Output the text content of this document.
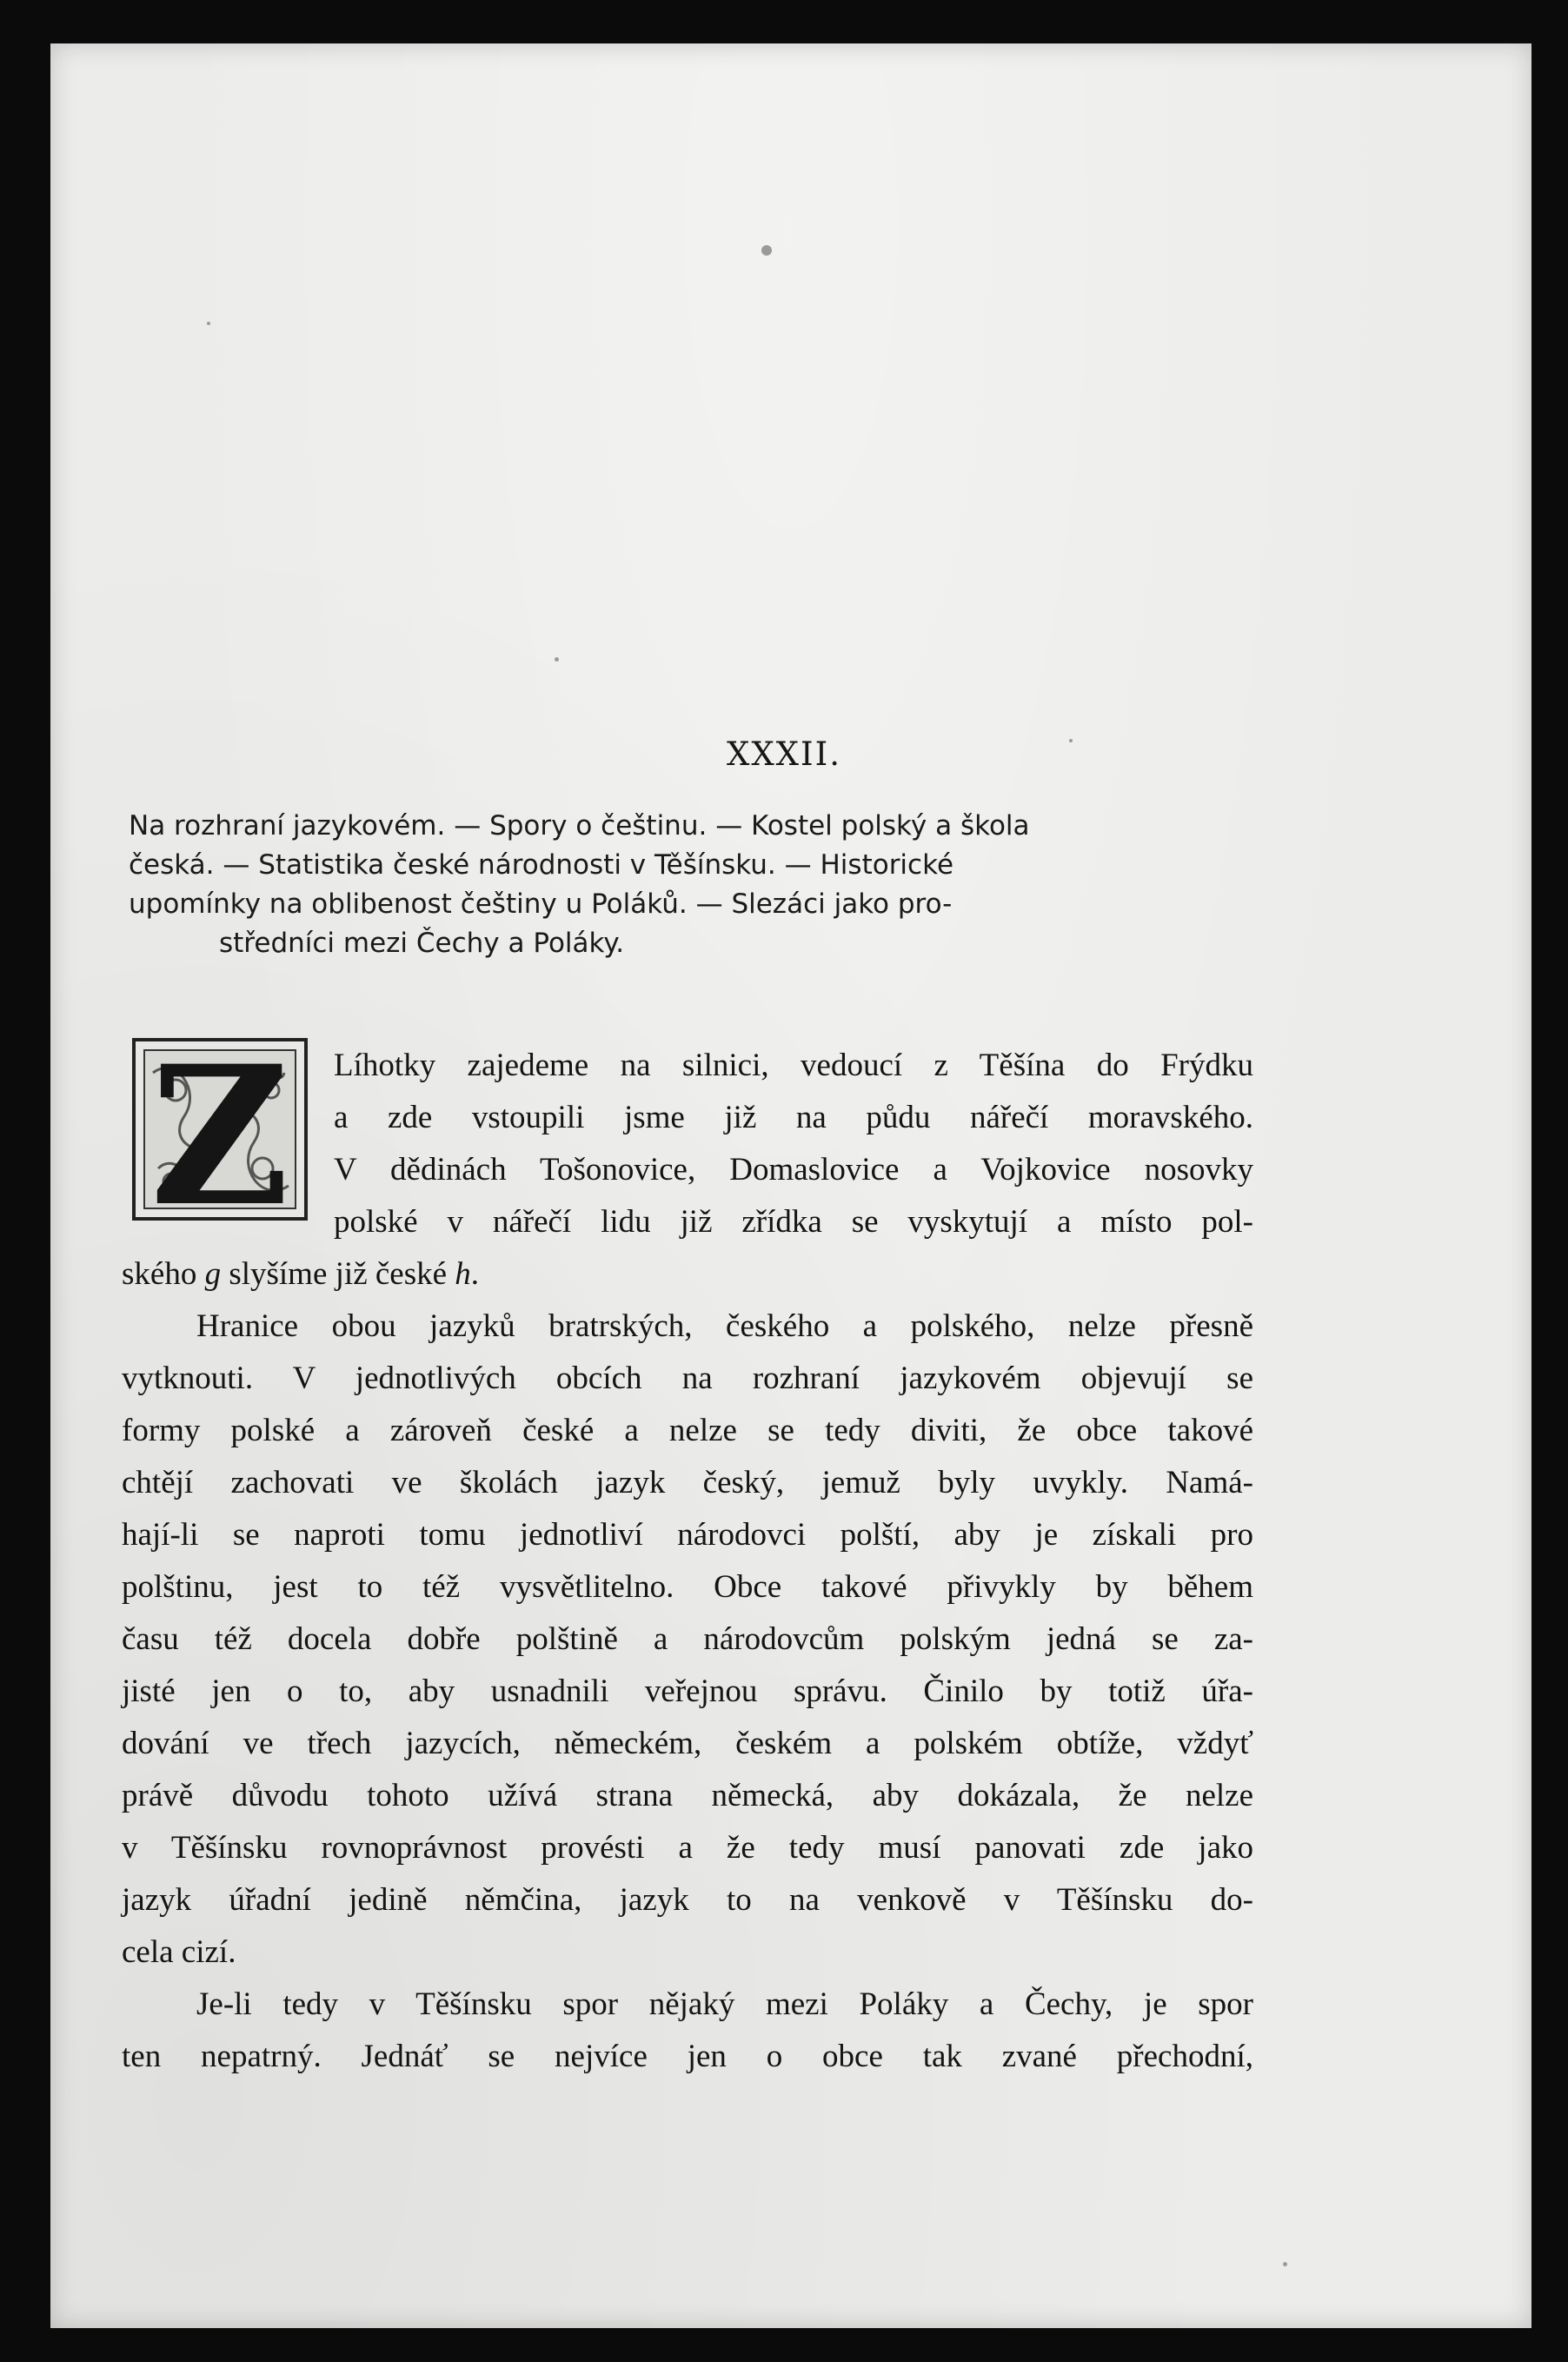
XXXII.
Na rozhraní jazykovém. — Spory o češtinu. — Kostel polský a škola
česká. — Statistika české národnosti v Těšínsku. — Historické
upomínky na oblibenost češtiny u Poláků. — Slezáci jako pro-
středníci mezi Čechy a Poláky.
Z Líhotky zajedeme na silnici, vedoucí z Těšína do Frýdku
a zde vstoupili jsme již na půdu nářečí moravského.
V dědinách Tošonovice, Domaslovice a Vojkovice nosovky
polské v nářečí lidu již zřídka se vyskytují a místo pol-
ského g slyšíme již české h.
Hranice obou jazyků bratrských, českého a polského, nelze přesně
vytknouti. V jednotlivých obcích na rozhraní jazykovém objevují se
formy polské a zároveň české a nelze se tedy diviti, že obce takové
chtějí zachovati ve školách jazyk český, jemuž byly uvykly. Namá-
hají-li se naproti tomu jednotliví národovci polští, aby je získali pro
polštinu, jest to též vysvětlitelno. Obce takové přivykly by během
času též docela dobře polštině a národovcům polským jedná se za-
jisté jen o to, aby usnadnili veřejnou správu. Činilo by totiž úřa-
dování ve třech jazycích, německém, českém a polském obtíže, vždyť
právě důvodu tohoto užívá strana německá, aby dokázala, že nelze
v Těšínsku rovnoprávnost provésti a že tedy musí panovati zde jako
jazyk úřadní jedině němčina, jazyk to na venkově v Těšínsku do-
cela cizí.
Je-li tedy v Těšínsku spor nějaký mezi Poláky a Čechy, je spor
ten nepatrný. Jednáť se nejvíce jen o obce tak zvané přechodní,
